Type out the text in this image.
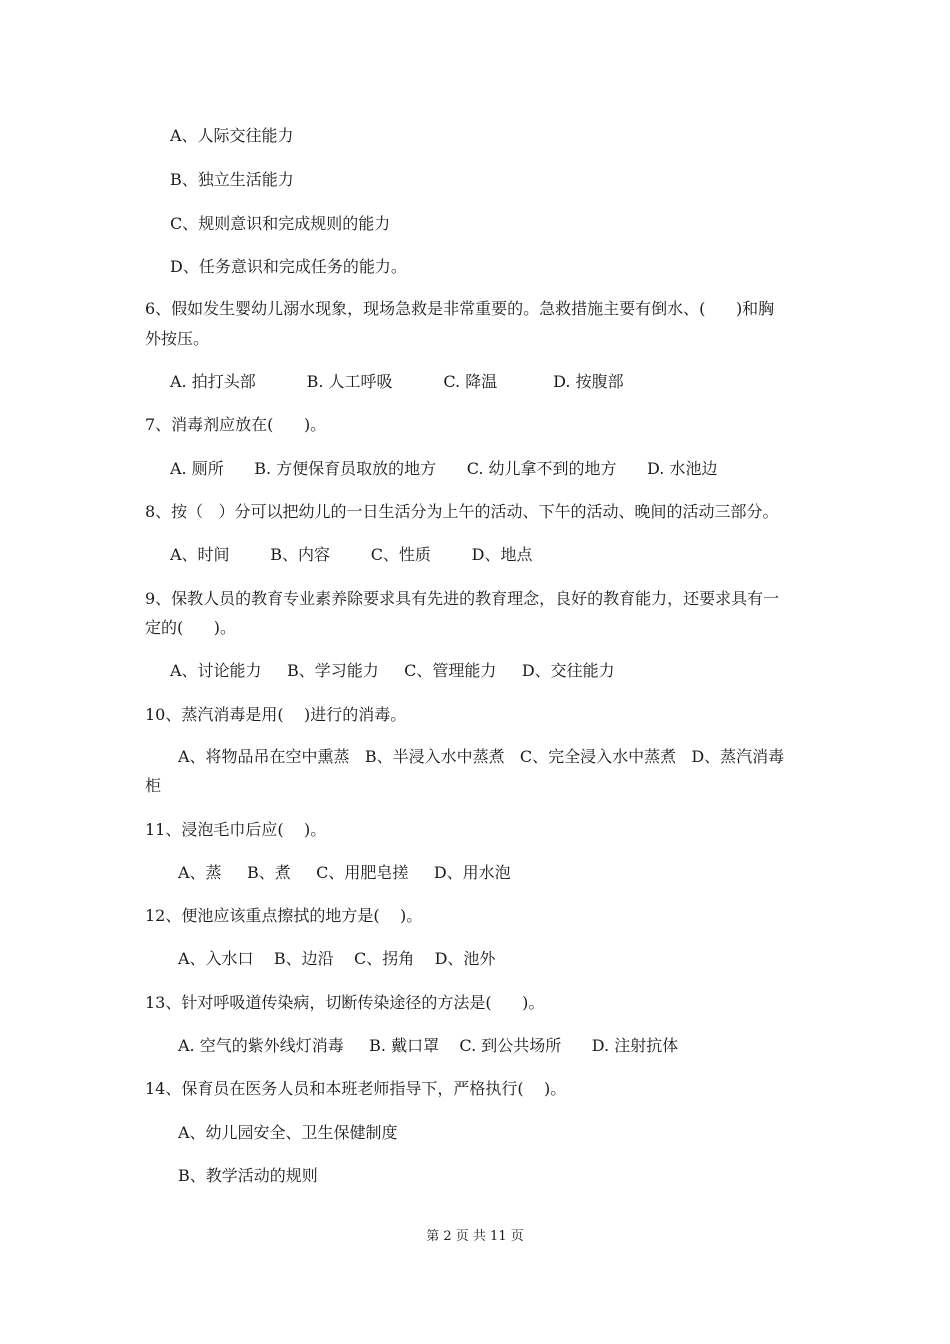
A、人际交往能力

B、独立生活能力

C、规则意识和完成规则的能力

D、任务意识和完成任务的能力。

6、假如发生婴幼儿溺水现象，现场急救是非常重要的。急救措施主要有倒水、(      )和胸

外按压。

A. 拍打头部          B. 人工呼吸          C. 降温           D. 按腹部

7、消毒剂应放在(      )。

A. 厕所      B. 方便保育员取放的地方      C. 幼儿拿不到的地方      D. 水池边

8、按（   ）分可以把幼儿的一日生活分为上午的活动、下午的活动、晚间的活动三部分。

A、时间        B、内容        C、性质        D、地点

9、保教人员的教育专业素养除要求具有先进的教育理念，良好的教育能力，还要求具有一

定的(      )。

A、讨论能力     B、学习能力     C、管理能力     D、交往能力

10、蒸汽消毒是用(    )进行的消毒。

A、将物品吊在空中熏蒸   B、半浸入水中蒸煮   C、完全浸入水中蒸煮   D、蒸汽消毒

柜

11、浸泡毛巾后应(    )。

A、蒸     B、煮     C、用肥皂搓     D、用水泡

12、便池应该重点擦拭的地方是(    )。

A、入水口    B、边沿    C、拐角    D、池外

13、针对呼吸道传染病，切断传染途径的方法是(      )。

A. 空气的紫外线灯消毒     B. 戴口罩    C. 到公共场所      D. 注射抗体

14、保育员在医务人员和本班老师指导下，严格执行(    )。

A、幼儿园安全、卫生保健制度

B、教学活动的规则

第 2 页 共 11 页
